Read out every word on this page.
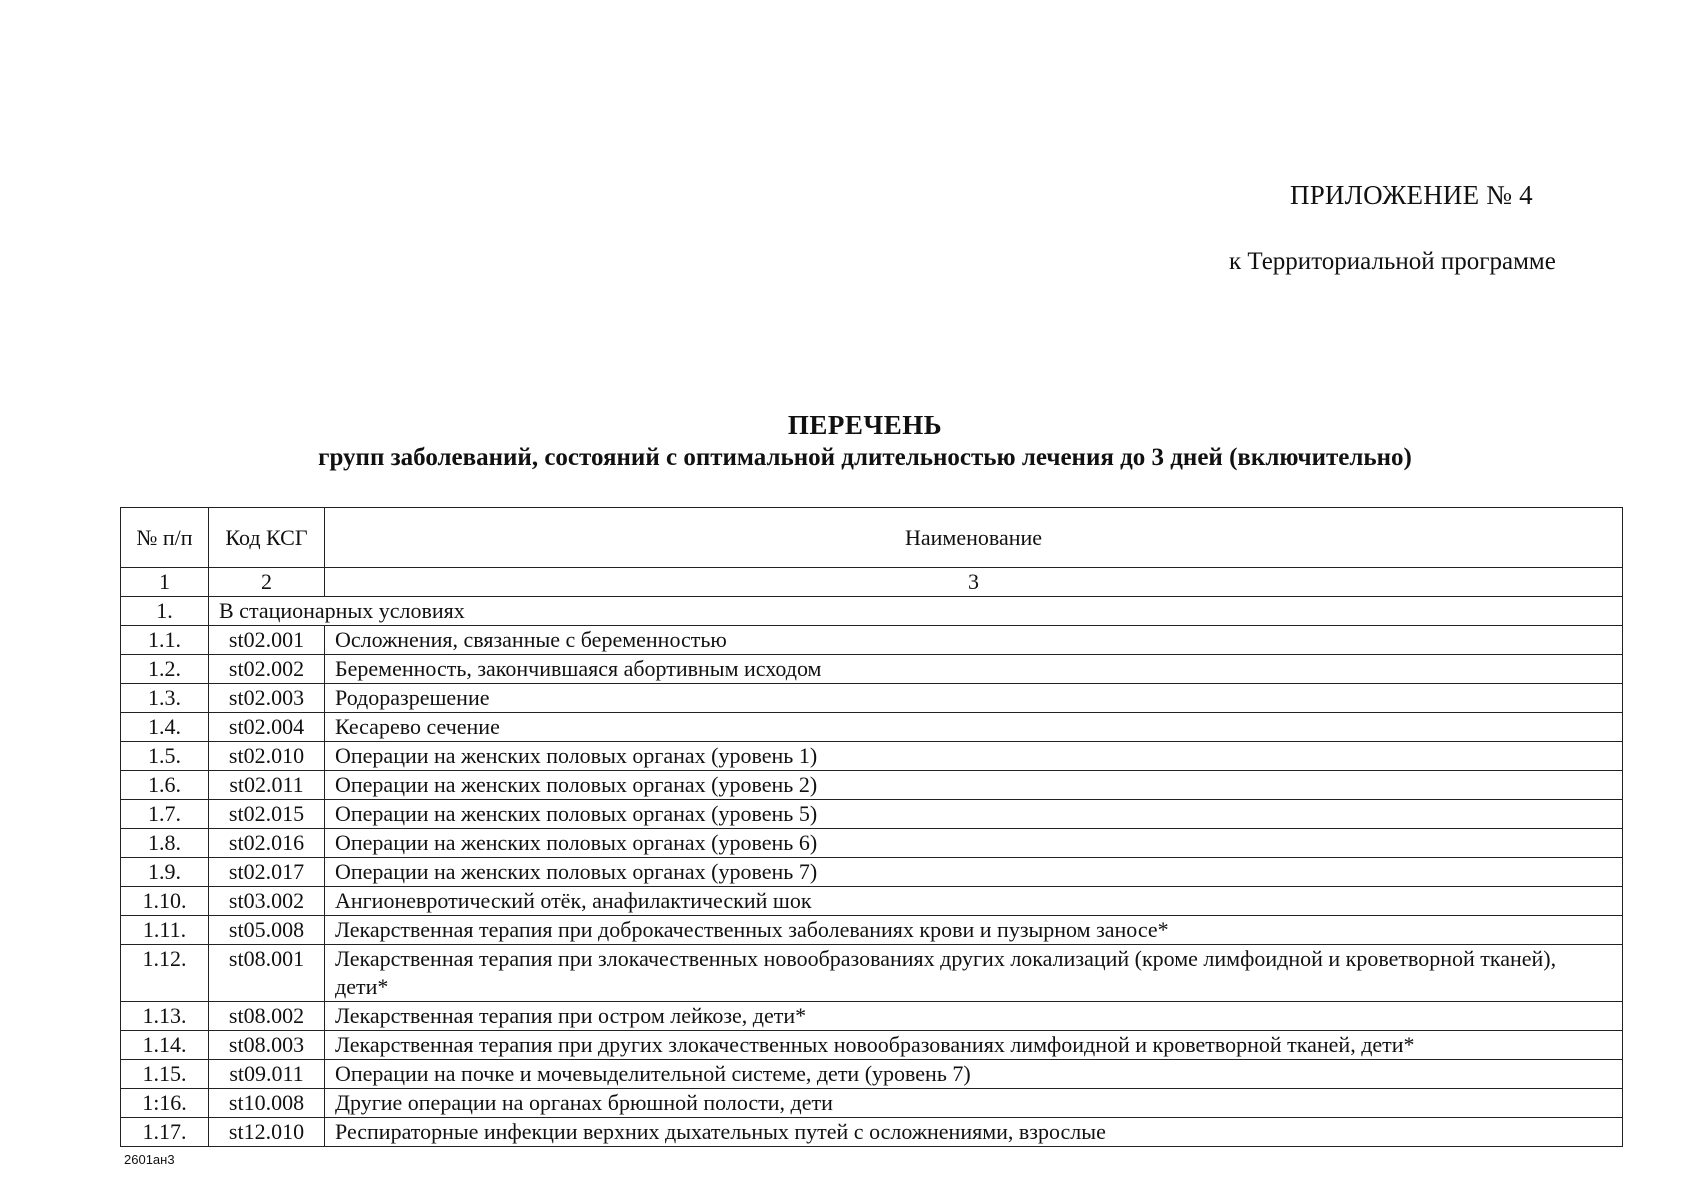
ПРИЛОЖЕНИЕ № 4
к Территориальной программе
ПЕРЕЧЕНЬ
групп заболеваний, состояний с оптимальной длительностью лечения до 3 дней (включительно)
№ п/п	Код КСГ	Наименование
1	2	3
1.	В стационарных условиях	
1.1.	st02.001	Осложнения, связанные с беременностью
1.2.	st02.002	Беременность, закончившаяся абортивным исходом
1.3.	st02.003	Родоразрешение
1.4.	st02.004	Кесарево сечение
1.5.	st02.010	Операции на женских половых органах (уровень 1)
1.6.	st02.011	Операции на женских половых органах (уровень 2)
1.7.	st02.015	Операции на женских половых органах (уровень 5)
1.8.	st02.016	Операции на женских половых органах (уровень 6)
1.9.	st02.017	Операции на женских половых органах (уровень 7)
1.10.	st03.002	Ангионевротический отёк, анафилактический шок
1.11.	st05.008	Лекарственная терапия при доброкачественных заболеваниях крови и пузырном заносе*
1.12.	st08.001	Лекарственная терапия при злокачественных новообразованиях других локализаций (кроме лимфоидной и кроветворной тканей), дети*
1.13.	st08.002	Лекарственная терапия при остром лейкозе, дети*
1.14.	st08.003	Лекарственная терапия при других злокачественных новообразованиях лимфоидной и кроветворной тканей, дети*
1.15.	st09.011	Операции на почке и мочевыделительной системе, дети (уровень 7)
1:16.	st10.008	Другие операции на органах брюшной полости, дети
1.17.	st12.010	Респираторные инфекции верхних дыхательных путей с осложнениями, взрослые
2601ан3
